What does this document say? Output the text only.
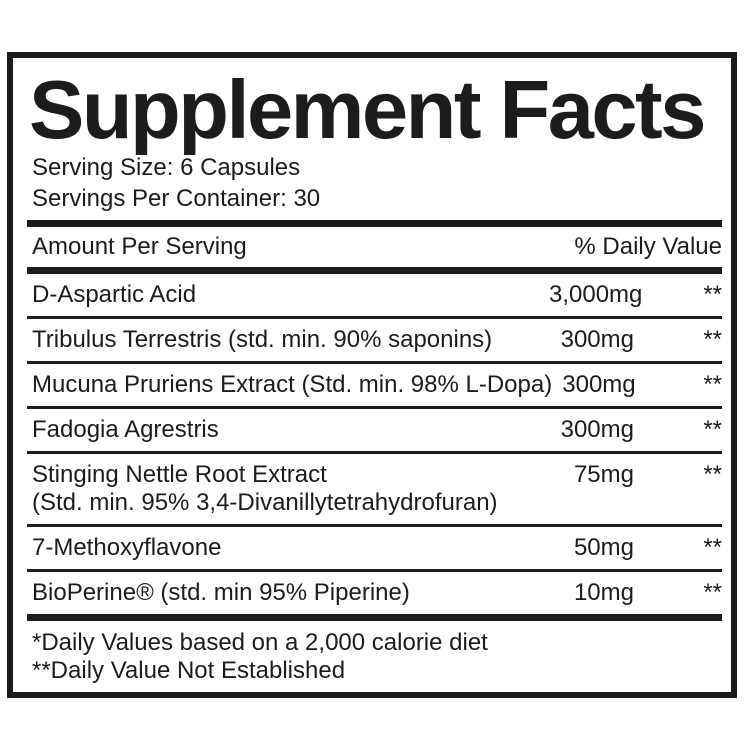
Supplement Facts
Serving Size: 6 Capsules
Servings Per Container: 30
Amount Per Serving	% Daily Value
D-Aspartic Acid	3,000mg	**
Tribulus Terrestris (std. min. 90% saponins)	300mg	**
Mucuna Pruriens Extract (Std. min. 98% L-Dopa) 300mg	**
Fadogia Agrestris	300mg	**
Stinging Nettle Root Extract
(Std. min. 95% 3,4-Divanillytetrahydrofuran)
75mg	**
7-Methoxyflavone	50mg	**
BioPerine® (std. min 95% Piperine)	10mg	**
*Daily Values based on a 2,000 calorie diet
**Daily Value Not Established
